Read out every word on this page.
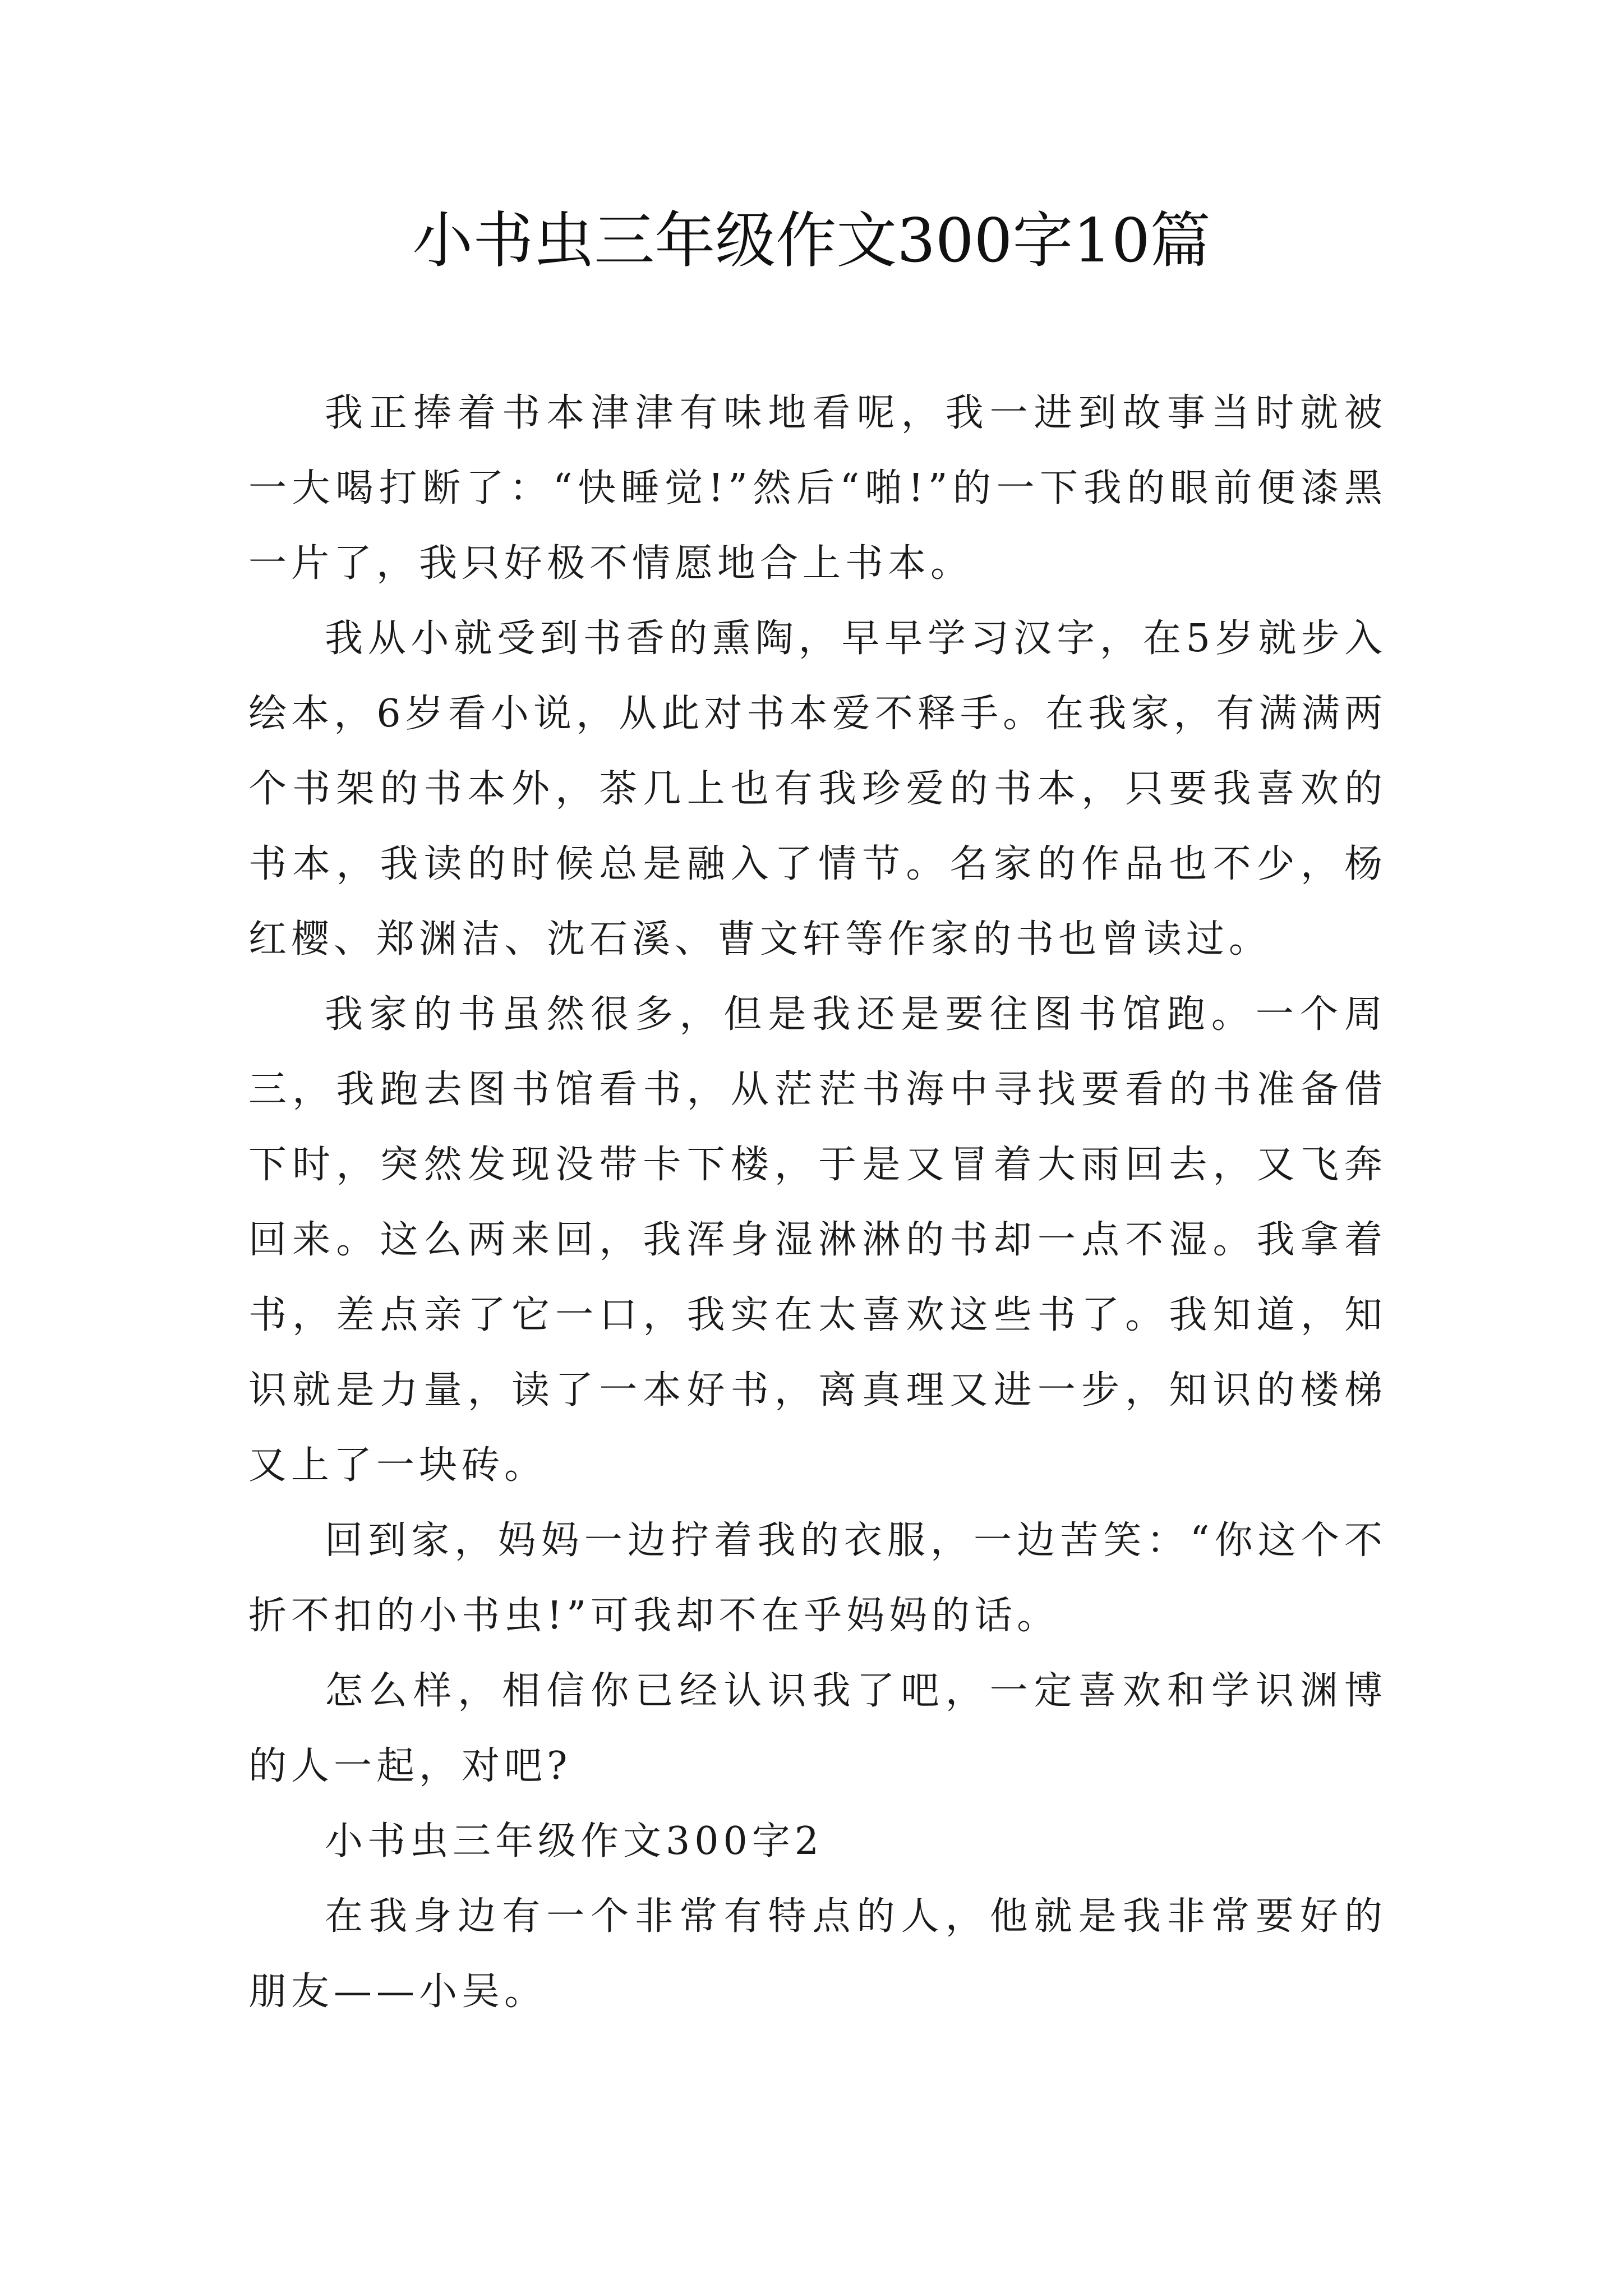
小书虫三年级作文300字10篇

我正捧着书本津津有味地看呢，我一进到故事当时就被一大喝打断了：“快睡觉!”然后“啪!”的一下我的眼前便漆黑一片了，我只好极不情愿地合上书本。

我从小就受到书香的熏陶，早早学习汉字，在5岁就步入绘本，6岁看小说，从此对书本爱不释手。在我家，有满满两个书架的书本外，茶几上也有我珍爱的书本，只要我喜欢的书本，我读的时候总是融入了情节。名家的作品也不少，杨红樱、郑渊洁、沈石溪、曹文轩等作家的书也曾读过。

我家的书虽然很多，但是我还是要往图书馆跑。一个周三，我跑去图书馆看书，从茫茫书海中寻找要看的书准备借下时，突然发现没带卡下楼，于是又冒着大雨回去，又飞奔回来。这么两来回，我浑身湿淋淋的书却一点不湿。我拿着书，差点亲了它一口，我实在太喜欢这些书了。我知道，知识就是力量，读了一本好书，离真理又进一步，知识的楼梯又上了一块砖。

回到家，妈妈一边拧着我的衣服，一边苦笑：“你这个不折不扣的小书虫!”可我却不在乎妈妈的话。

怎么样，相信你已经认识我了吧，一定喜欢和学识渊博的人一起，对吧?

小书虫三年级作文300字2

在我身边有一个非常有特点的人，他就是我非常要好的朋友——小吴。
